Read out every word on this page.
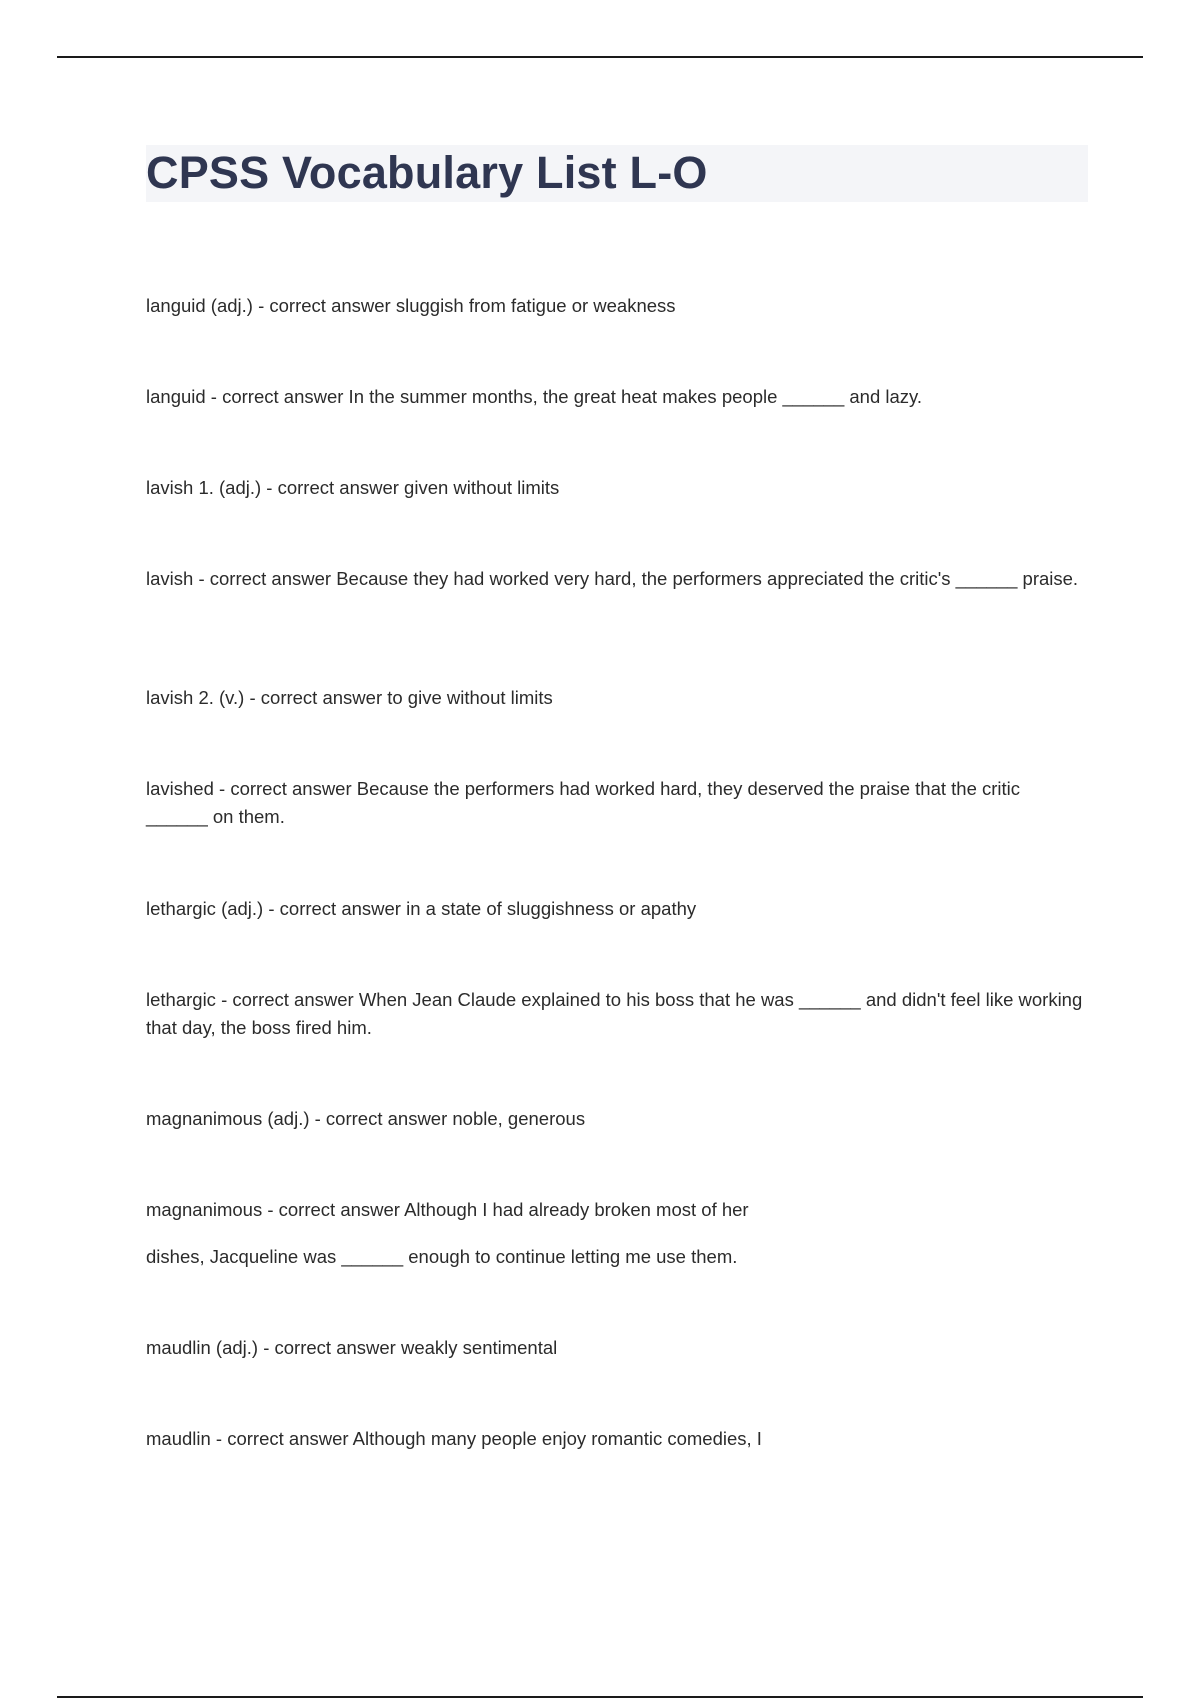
CPSS Vocabulary List L-O

languid (adj.) - correct answer sluggish from fatigue or weakness

languid - correct answer In the summer months, the great heat makes people ______ and lazy.

lavish 1. (adj.) - correct answer given without limits

lavish - correct answer Because they had worked very hard, the performers appreciated the critic's ______ praise.

lavish 2. (v.) - correct answer to give without limits

lavished - correct answer Because the performers had worked hard, they deserved the praise that the critic ______ on them.

lethargic (adj.) - correct answer in a state of sluggishness or apathy

lethargic - correct answer When Jean Claude explained to his boss that he was ______ and didn't feel like working that day, the boss fired him.

magnanimous (adj.) - correct answer noble, generous

magnanimous - correct answer Although I had already broken most of her

dishes, Jacqueline was ______ enough to continue letting me use them.

maudlin (adj.) - correct answer weakly sentimental

maudlin - correct answer Although many people enjoy romantic comedies, I
